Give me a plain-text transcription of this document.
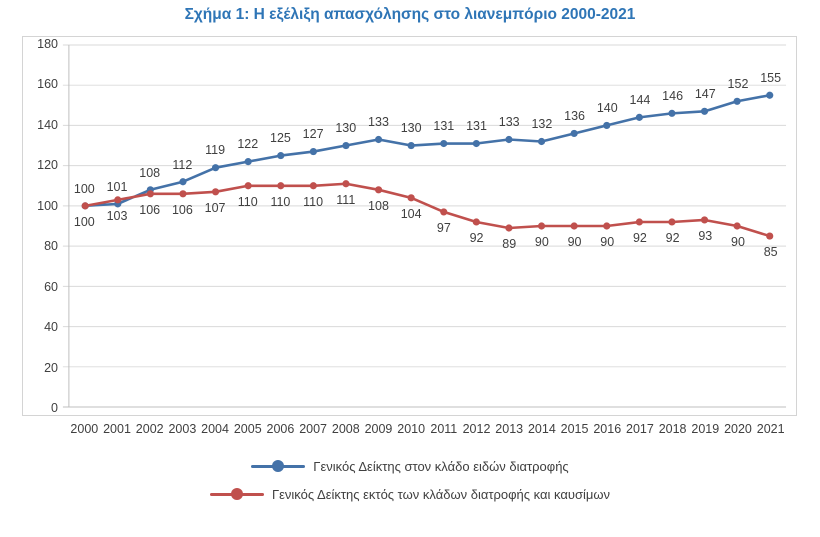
Σχήμα 1: Η εξέλιξη απασχόλησης στο λιανεμπόριο 2000-2021
0
20
40
60
80
100
120
140
160
180
2000 2001 2002 2003 2004 2005 2006 2007 2008 2009 2010 2011 2012 2013 2014 2015 2016 2017 2018 2019 2020 2021
100 101
108
112
119 122 125 127 130 133 130 131 131 133 132
136
140
144 146 147
152 155
100 103 106 106 107 110 110 110 111 108
104
97
92 89 90 90 90 92 92 93 90
85
Γενικός Δείκτης στον κλάδο ειδών διατροφής
Γενικός Δείκτης εκτός των κλάδων διατροφής και καυσίμων
